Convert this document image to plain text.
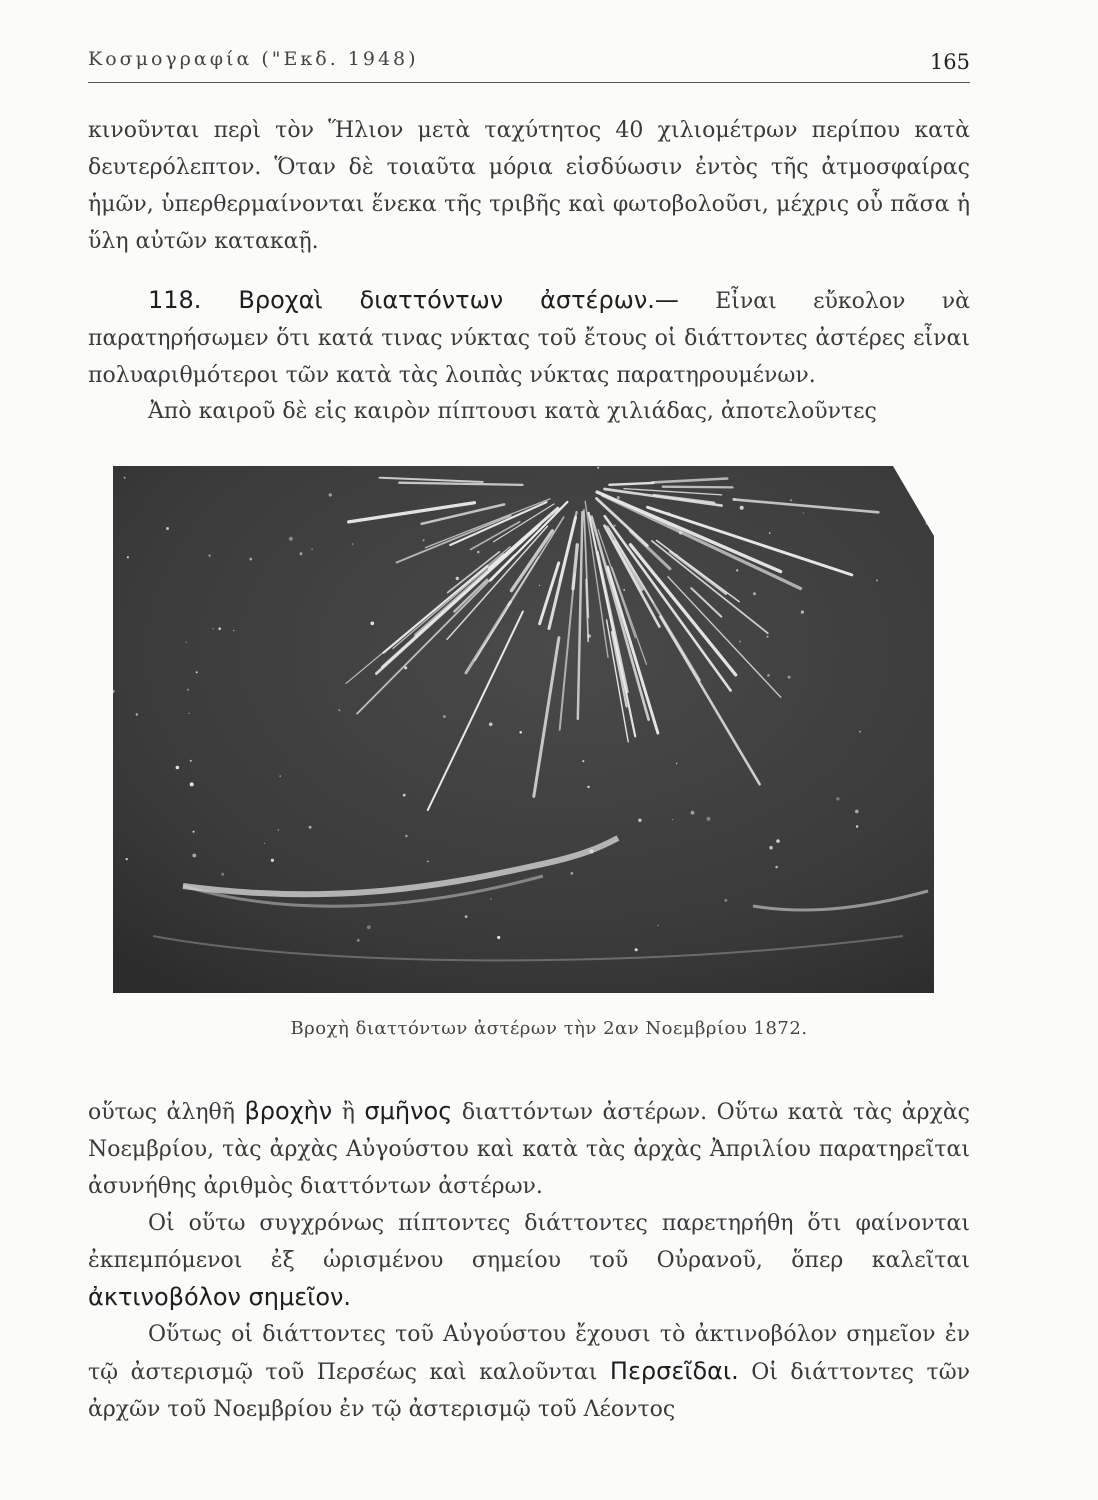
Κοσμογραφία ("Εκδ. 1948)	165

κινοῦνται περὶ τὸν Ἥλιον μετὰ ταχύτητος 40 χιλιομέτρων περίπου κατὰ δευτερόλεπτον. Ὅταν δὲ τοιαῦτα μόρια εἰσδύωσιν ἐντὸς τῆς ἀτμοσφαίρας ἡμῶν, ὑπερθερμαίνονται ἕνεκα τῆς τριβῆς καὶ φωτοβολοῦσι, μέχρις οὗ πᾶσα ἡ ὕλη αὐτῶν κατακαῇ.

118. Βροχαὶ διαττόντων ἀστέρων.— Εἶναι εὔκολον νὰ παρατηρήσωμεν ὅτι κατά τινας νύκτας τοῦ ἔτους οἱ διάττοντες ἀστέρες εἶναι πολυαριθμότεροι τῶν κατὰ τὰς λοιπὰς νύκτας παρατηρουμένων.

Ἀπὸ καιροῦ δὲ εἰς καιρὸν πίπτουσι κατὰ χιλιάδας, ἀποτελοῦντες

Βροχὴ διαττόντων ἀστέρων τὴν 2αν Νοεμβρίου 1872.

οὕτως ἀληθῆ βροχὴν ἢ σμῆνος διαττόντων ἀστέρων. Οὕτω κατὰ τὰς ἀρχὰς Νοεμβρίου, τὰς ἀρχὰς Αὐγούστου καὶ κατὰ τὰς ἀρχὰς Ἀπριλίου παρατηρεῖται ἀσυνήθης ἀριθμὸς διαττόντων ἀστέρων.

Οἱ οὕτω συγχρόνως πίπτοντες διάττοντες παρετηρήθη ὅτι φαίνονται ἐκπεμπόμενοι ἐξ ὡρισμένου σημείου τοῦ Οὐρανοῦ, ὅπερ καλεῖται ἀκτινοβόλον σημεῖον.

Οὕτως οἱ διάττοντες τοῦ Αὐγούστου ἔχουσι τὸ ἀκτινοβόλον σημεῖον ἐν τῷ ἀστερισμῷ τοῦ Περσέως καὶ καλοῦνται Περσεῖδαι. Οἱ διάττοντες τῶν ἀρχῶν τοῦ Νοεμβρίου ἐν τῷ ἀστερισμῷ τοῦ Λέοντος
